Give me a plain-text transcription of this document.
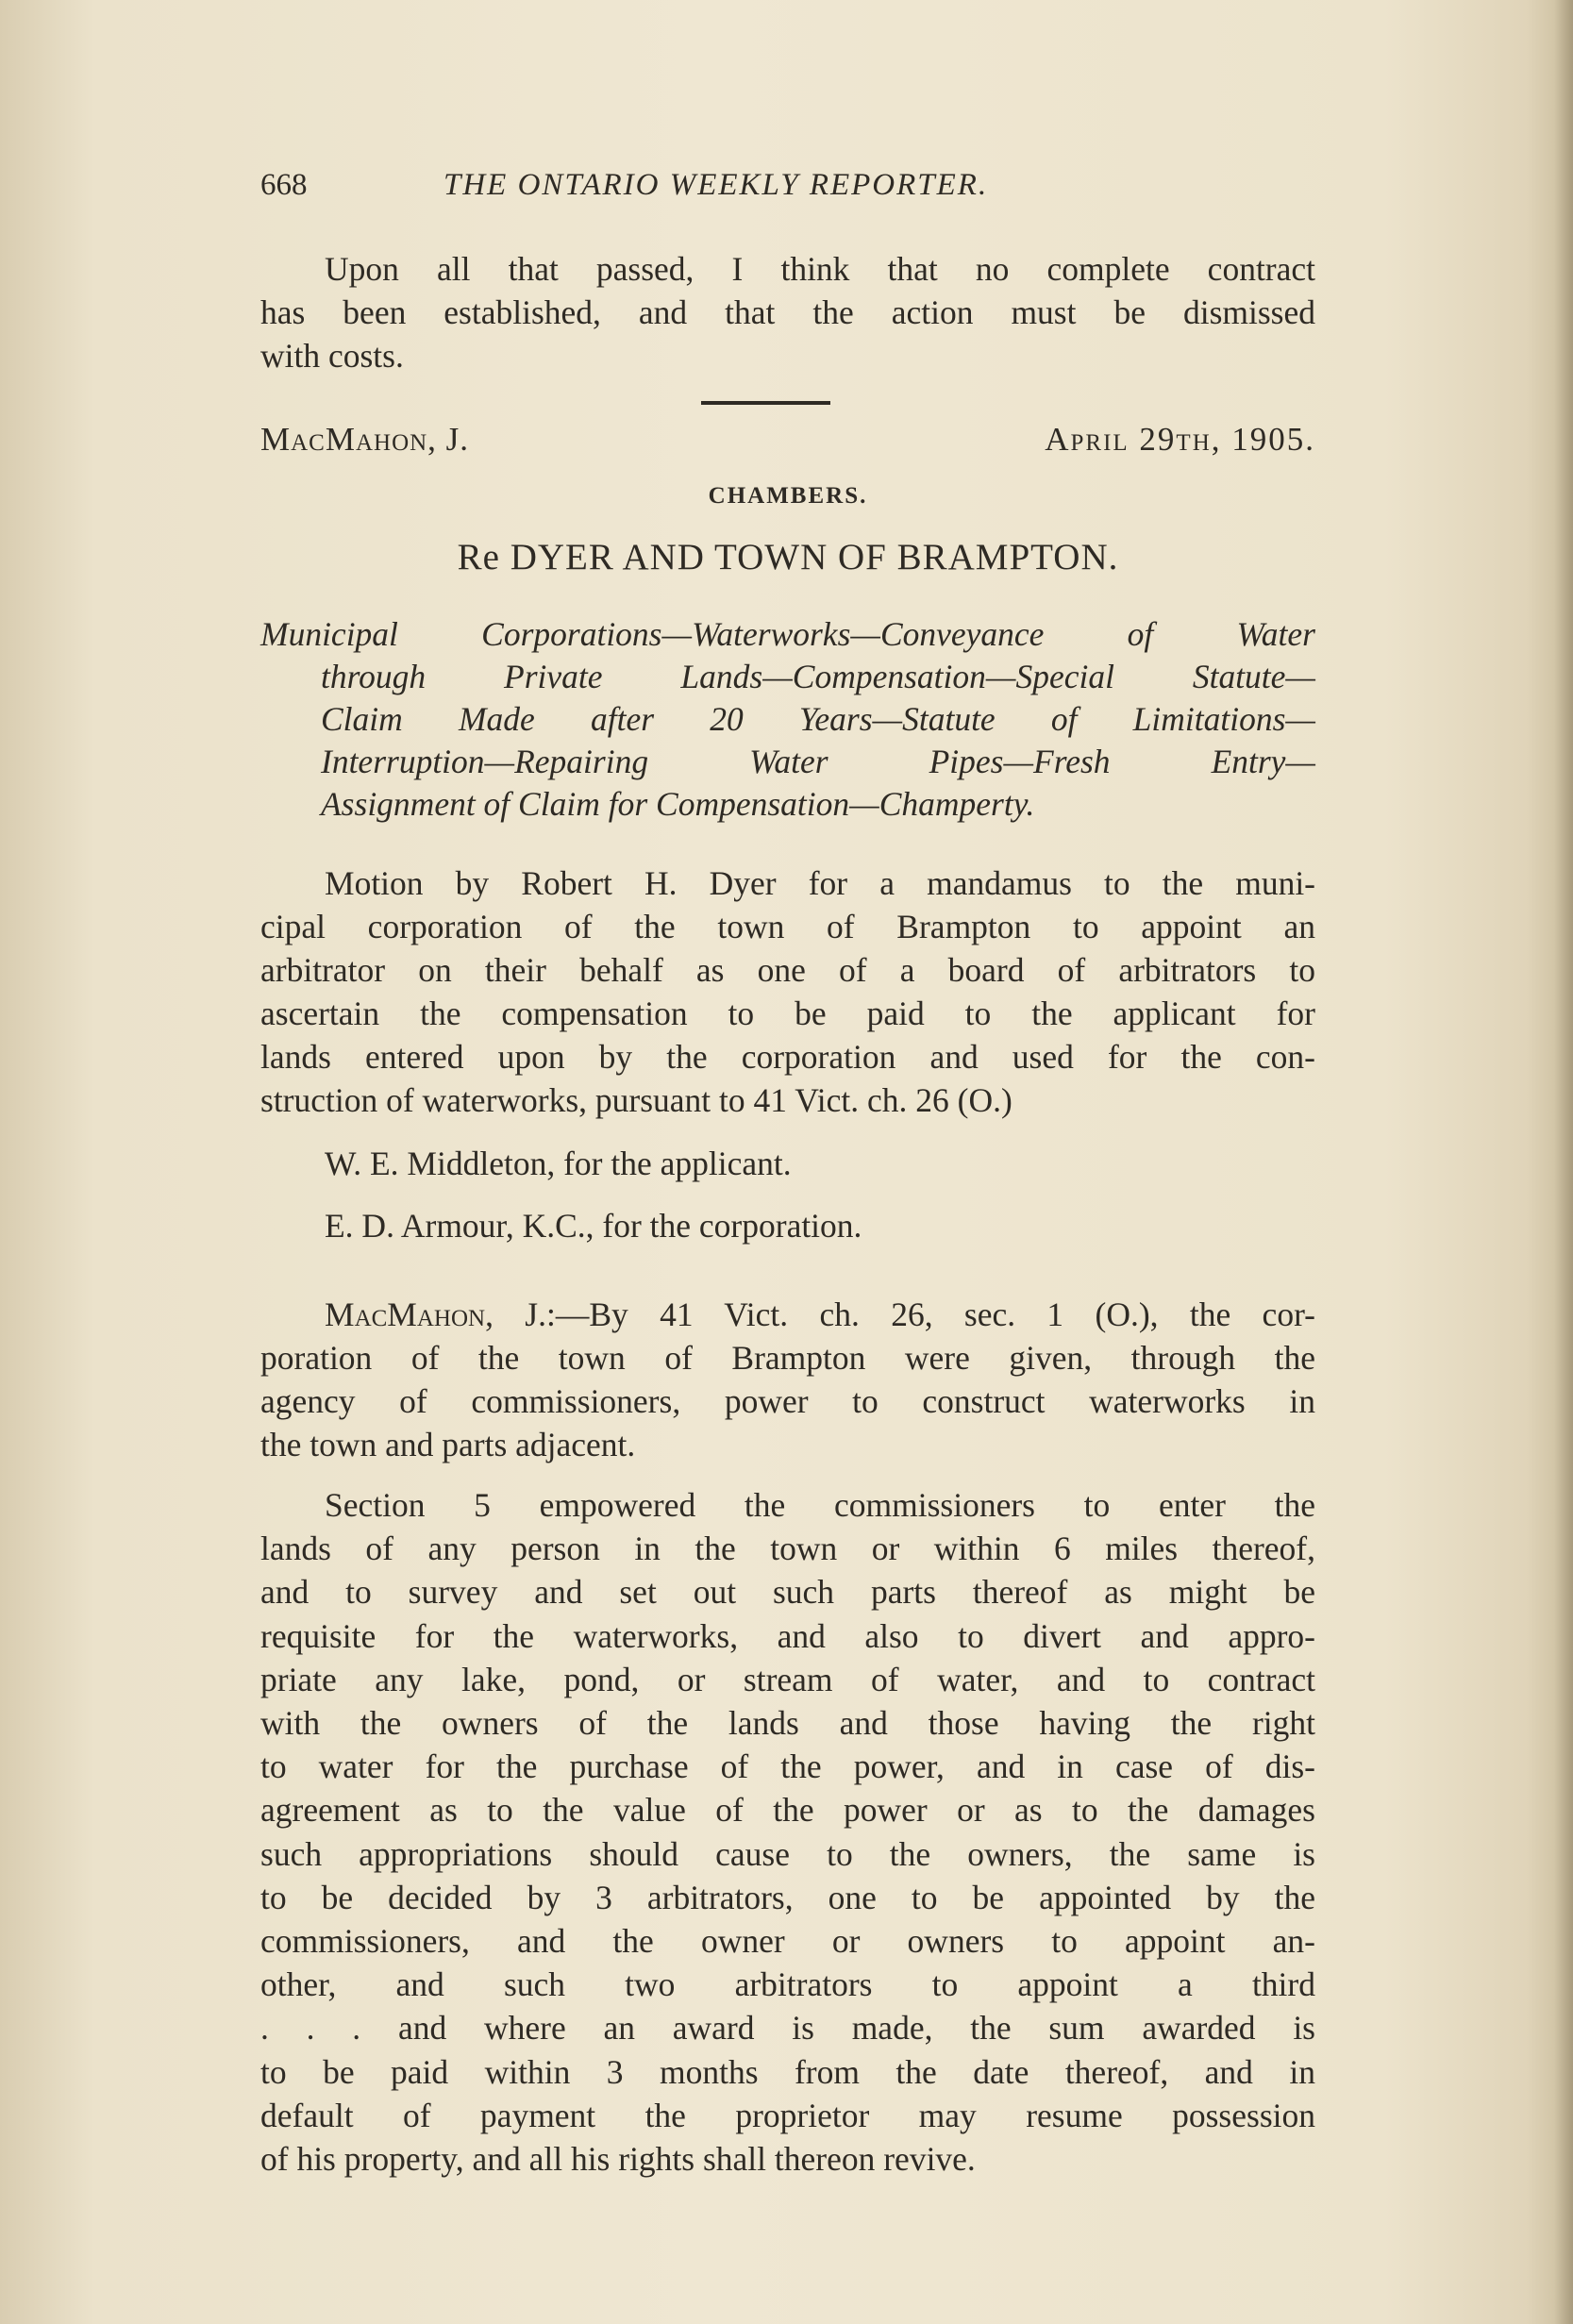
668	THE ONTARIO WEEKLY REPORTER.

Upon all that passed, I think that no complete contract

has been established, and that the action must be dismissed

with costs.

MacMahon, J.	April 29th, 1905.
CHAMBERS.
Re DYER AND TOWN OF BRAMPTON.

Municipal Corporations—Waterworks—Conveyance of Water

through Private Lands—Compensation—Special Statute—

Claim Made after 20 Years—Statute of Limitations—

Interruption—Repairing Water Pipes—Fresh Entry—

Assignment of Claim for Compensation—Champerty.

Motion by Robert H. Dyer for a mandamus to the muni-

cipal corporation of the town of Brampton to appoint an

arbitrator on their behalf as one of a board of arbitrators to

ascertain the compensation to be paid to the applicant for

lands entered upon by the corporation and used for the con-

struction of waterworks, pursuant to 41 Vict. ch. 26 (O.)

W. E. Middleton, for the applicant.

E. D. Armour, K.C., for the corporation.

MacMahon, J.:—By 41 Vict. ch. 26, sec. 1 (O.), the cor-

poration of the town of Brampton were given, through the

agency of commissioners, power to construct waterworks in

the town and parts adjacent.

Section 5 empowered the commissioners to enter the

lands of any person in the town or within 6 miles thereof,

and to survey and set out such parts thereof as might be

requisite for the waterworks, and also to divert and appro-

priate any lake, pond, or stream of water, and to contract

with the owners of the lands and those having the right

to water for the purchase of the power, and in case of dis-

agreement as to the value of the power or as to the damages

such appropriations should cause to the owners, the same is

to be decided by 3 arbitrators, one to be appointed by the

commissioners, and the owner or owners to appoint an-

other, and such two arbitrators to appoint a third

. . . and where an award is made, the sum awarded is

to be paid within 3 months from the date thereof, and in

default of payment the proprietor may resume possession

of his property, and all his rights shall thereon revive.
